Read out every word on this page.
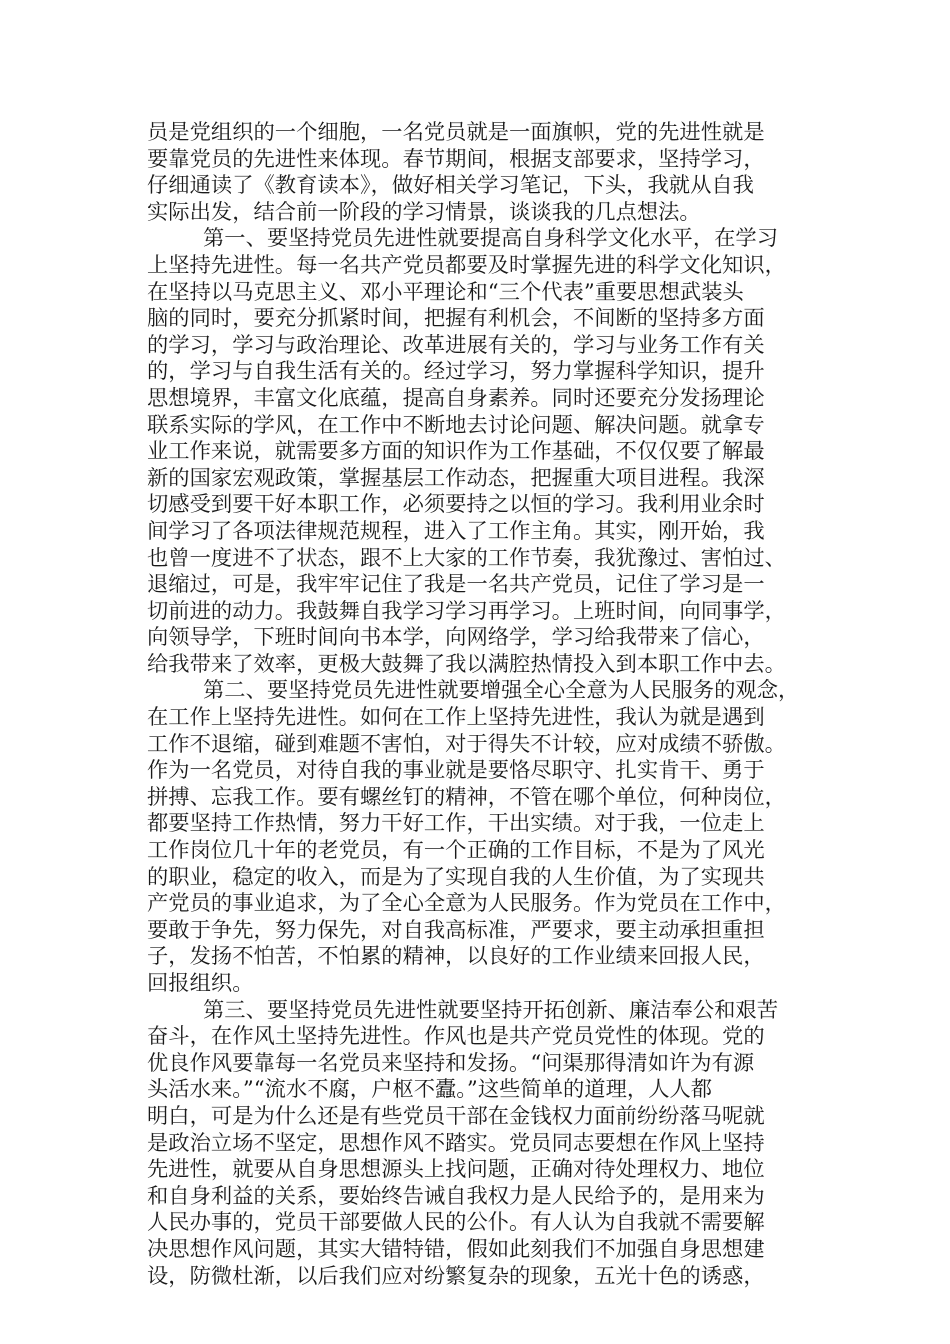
员是党组织的一个细胞，一名党员就是一面旗帜，党的先进性就是
要靠党员的先进性来体现。春节期间，根据支部要求，坚持学习，
仔细通读了《教育读本》，做好相关学习笔记，下头，我就从自我
实际出发，结合前一阶段的学习情景，谈谈我的几点想法。
第一、要坚持党员先进性就要提高自身科学文化水平，在学习
上坚持先进性。每一名共产党员都要及时掌握先进的科学文化知识，
在坚持以马克思主义、邓小平理论和“三个代表”重要思想武装头
脑的同时，要充分抓紧时间，把握有利机会，不间断的坚持多方面
的学习，学习与政治理论、改革进展有关的，学习与业务工作有关
的，学习与自我生活有关的。经过学习，努力掌握科学知识，提升
思想境界，丰富文化底蕴，提高自身素养。同时还要充分发扬理论
联系实际的学风，在工作中不断地去讨论问题、解决问题。就拿专
业工作来说，就需要多方面的知识作为工作基础，不仅仅要了解最
新的国家宏观政策，掌握基层工作动态，把握重大项目进程。我深
切感受到要干好本职工作，必须要持之以恒的学习。我利用业余时
间学习了各项法律规范规程，进入了工作主角。其实，刚开始，我
也曾一度进不了状态，跟不上大家的工作节奏，我犹豫过、害怕过、
退缩过，可是，我牢牢记住了我是一名共产党员，记住了学习是一
切前进的动力。我鼓舞自我学习学习再学习。上班时间，向同事学，
向领导学，下班时间向书本学，向网络学，学习给我带来了信心，
给我带来了效率，更极大鼓舞了我以满腔热情投入到本职工作中去。
第二、要坚持党员先进性就要增强全心全意为人民服务的观念，
在工作上坚持先进性。如何在工作上坚持先进性，我认为就是遇到
工作不退缩，碰到难题不害怕，对于得失不计较，应对成绩不骄傲。
作为一名党员，对待自我的事业就是要恪尽职守、扎实肯干、勇于
拼搏、忘我工作。要有螺丝钉的精神，不管在哪个单位，何种岗位，
都要坚持工作热情，努力干好工作，干出实绩。对于我，一位走上
工作岗位几十年的老党员，有一个正确的工作目标，不是为了风光
的职业，稳定的收入，而是为了实现自我的人生价值，为了实现共
产党员的事业追求，为了全心全意为人民服务。作为党员在工作中，
要敢于争先，努力保先，对自我高标准，严要求，要主动承担重担
子，发扬不怕苦，不怕累的精神，以良好的工作业绩来回报人民，
回报组织。
第三、要坚持党员先进性就要坚持开拓创新、廉洁奉公和艰苦
奋斗，在作风土坚持先进性。作风也是共产党员党性的体现。党的
优良作风要靠每一名党员来坚持和发扬。“问渠那得清如许为有源
头活水来。”“流水不腐，户枢不蠹。”这些简单的道理，人人都
明白，可是为什么还是有些党员干部在金钱权力面前纷纷落马呢就
是政治立场不坚定，思想作风不踏实。党员同志要想在作风上坚持
先进性，就要从自身思想源头上找问题，正确对待处理权力、地位
和自身利益的关系，要始终告诫自我权力是人民给予的，是用来为
人民办事的，党员干部要做人民的公仆。有人认为自我就不需要解
决思想作风问题，其实大错特错，假如此刻我们不加强自身思想建
设，防微杜渐，以后我们应对纷繁复杂的现象，五光十色的诱惑，
